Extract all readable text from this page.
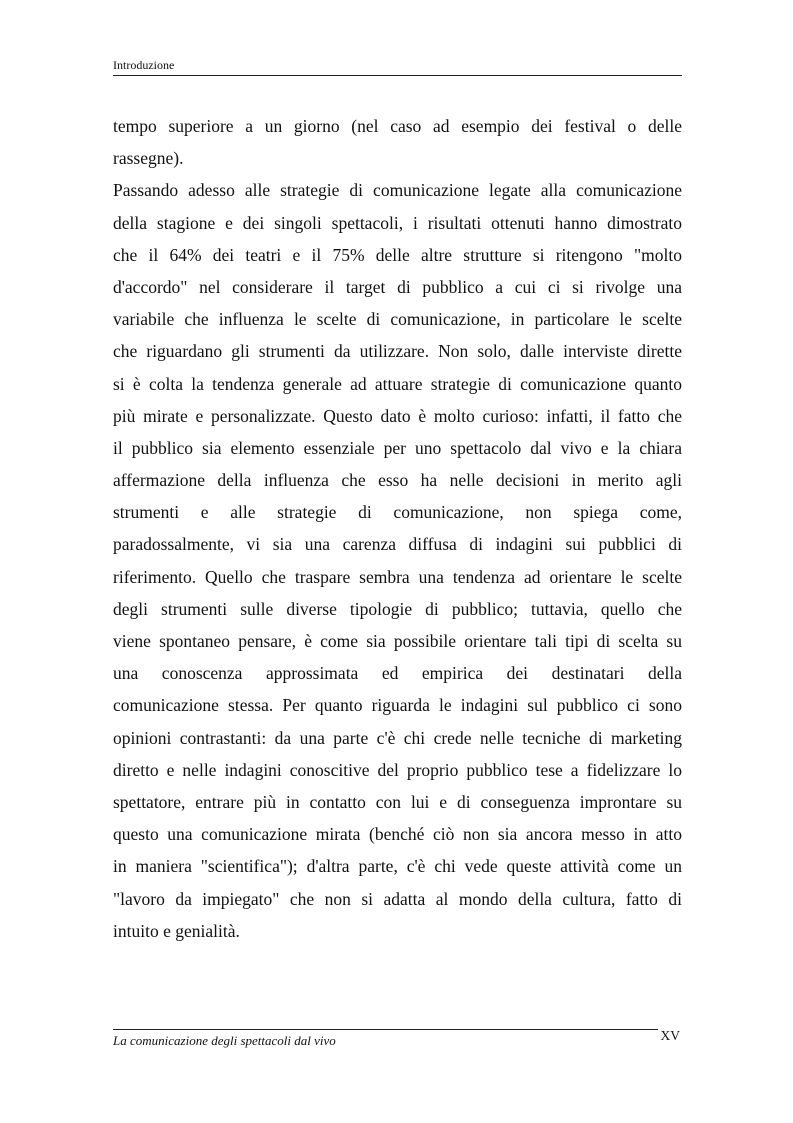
Introduzione
tempo superiore a un giorno (nel caso ad esempio dei festival o delle
rassegne).
Passando adesso alle strategie di comunicazione legate alla comunicazione
della stagione e dei singoli spettacoli, i risultati ottenuti hanno dimostrato
che il 64% dei teatri e il 75% delle altre strutture si ritengono "molto
d'accordo" nel considerare il target di pubblico a cui ci si rivolge una
variabile che influenza le scelte di comunicazione, in particolare le scelte
che riguardano gli strumenti da utilizzare. Non solo, dalle interviste dirette
si è colta la tendenza generale ad attuare strategie di comunicazione quanto
più mirate e personalizzate. Questo dato è molto curioso: infatti, il fatto che
il pubblico sia elemento essenziale per uno spettacolo dal vivo e la chiara
affermazione della influenza che esso ha nelle decisioni in merito agli
strumenti e alle strategie di comunicazione, non spiega come,
paradossalmente, vi sia una carenza diffusa di indagini sui pubblici di
riferimento. Quello che traspare sembra una tendenza ad orientare le scelte
degli strumenti sulle diverse tipologie di pubblico; tuttavia, quello che
viene spontaneo pensare, è come sia possibile orientare tali tipi di scelta su
una conoscenza approssimata ed empirica dei destinatari della
comunicazione stessa. Per quanto riguarda le indagini sul pubblico ci sono
opinioni contrastanti: da una parte c'è chi crede nelle tecniche di marketing
diretto e nelle indagini conoscitive del proprio pubblico tese a fidelizzare lo
spettatore, entrare più in contatto con lui e di conseguenza improntare su
questo una comunicazione mirata (benché ciò non sia ancora messo in atto
in maniera "scientifica"); d'altra parte, c'è chi vede queste attività come un
"lavoro da impiegato" che non si adatta al mondo della cultura, fatto di
intuito e genialità.
La comunicazione degli spettacoli dal vivo	XV
